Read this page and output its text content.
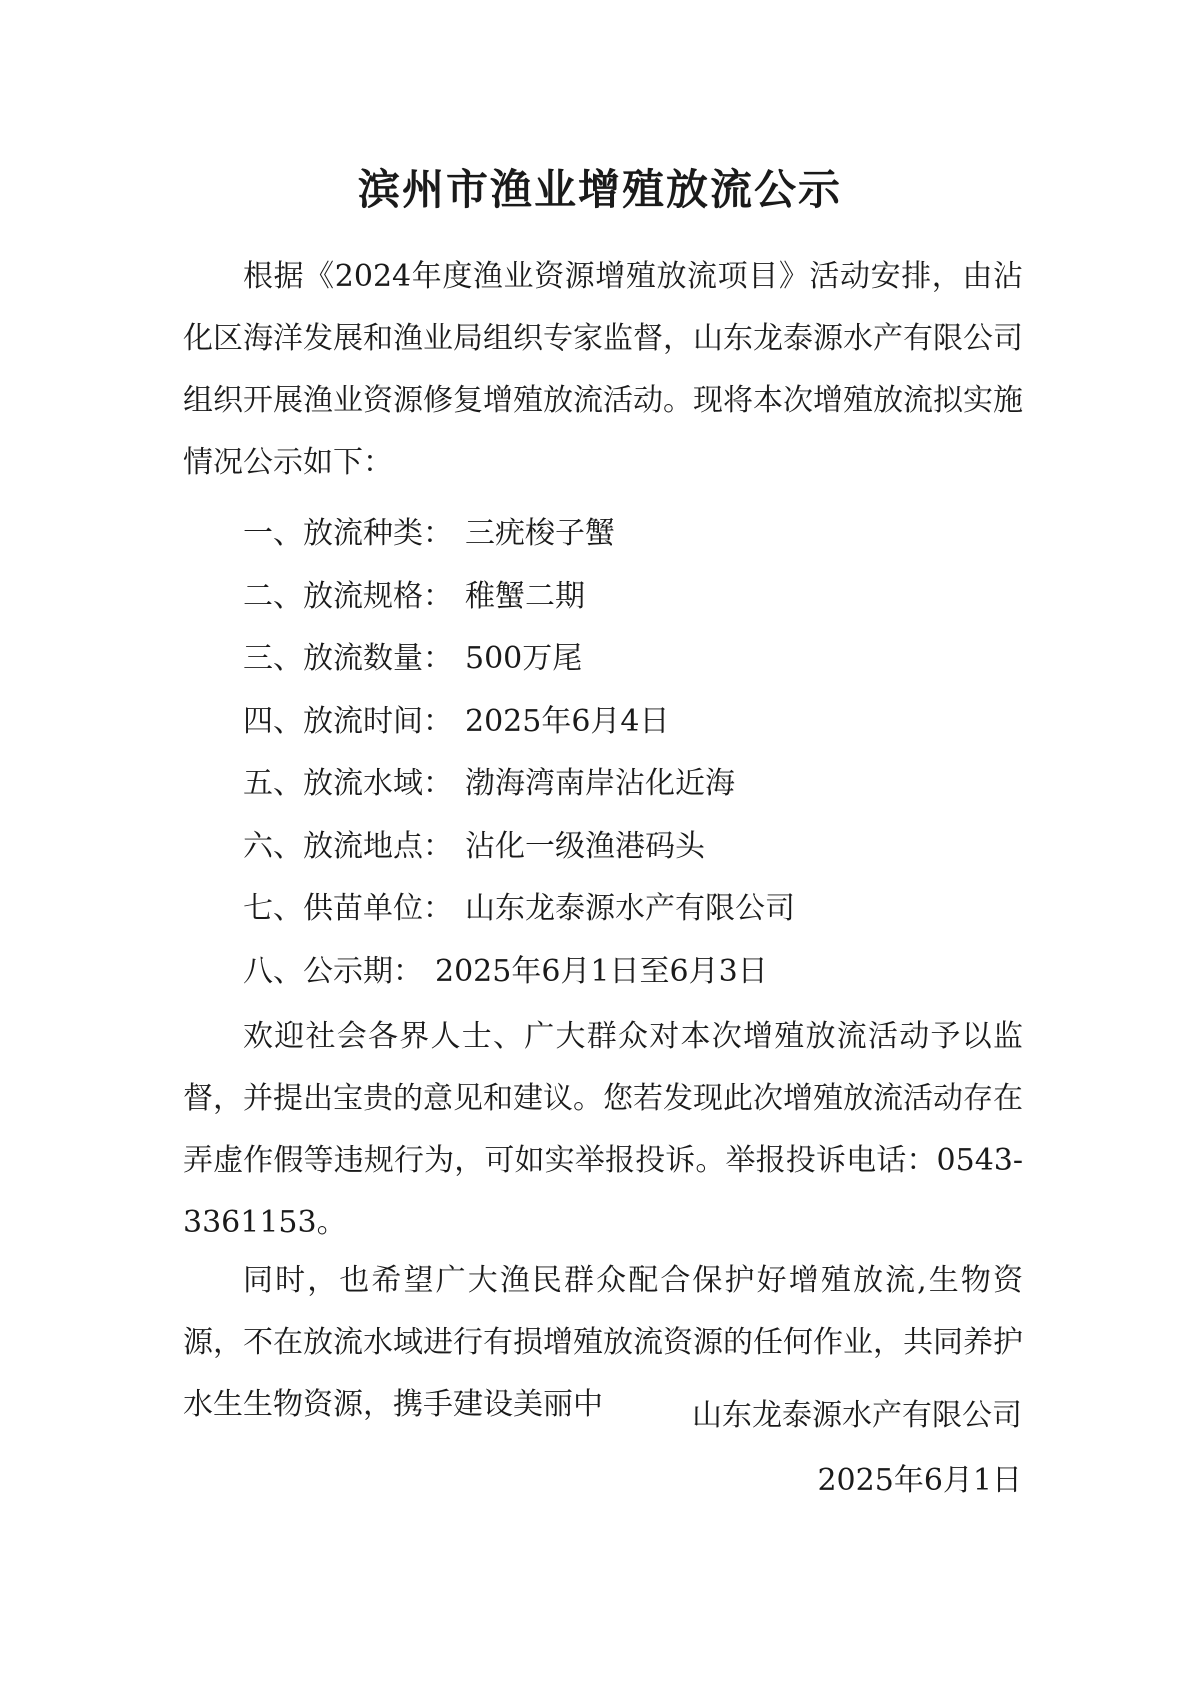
滨州市渔业增殖放流公示

根据《2024年度渔业资源增殖放流项目》活动安排，由沾化区海洋发展和渔业局组织专家监督，山东龙泰源水产有限公司组织开展渔业资源修复增殖放流活动。现将本次增殖放流拟实施情况公示如下：

一、放流种类： 三疣梭子蟹
二、放流规格： 稚蟹二期
三、放流数量： 500万尾
四、放流时间： 2025年6月4日
五、放流水域： 渤海湾南岸沾化近海
六、放流地点： 沾化一级渔港码头
七、供苗单位： 山东龙泰源水产有限公司
八、公示期： 2025年6月1日至6月3日

欢迎社会各界人士、广大群众对本次增殖放流活动予以监督，并提出宝贵的意见和建议。您若发现此次增殖放流活动存在弄虚作假等违规行为，可如实举报投诉。举报投诉电话：0543-3361153。

同时，也希望广大渔民群众配合保护好增殖放流,生物资源，不在放流水域进行有损增殖放流资源的任何作业，共同养护水生生物资源，携手建设美丽中	山东龙泰源水产有限公司
2025年6月1日
